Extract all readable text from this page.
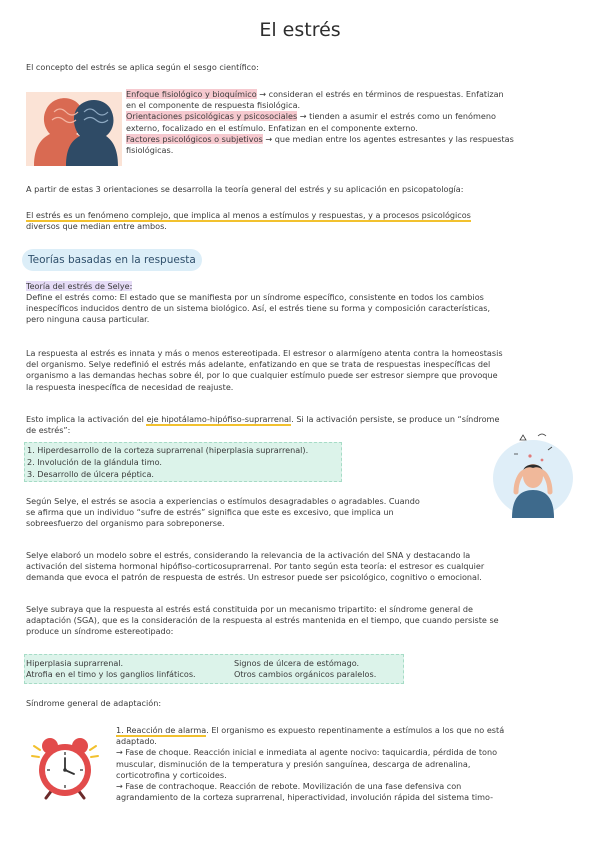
El estrés

El concepto del estrés se aplica según el sesgo científico:

Enfoque fisiológico y bioquímico → consideran el estrés en términos de respuestas. Enfatizan
en el componente de respuesta fisiológica.
Orientaciones psicológicas y psicosociales → tienden a asumir el estrés como un fenómeno
externo, focalizado en el estímulo. Enfatizan en el componente externo.
Factores psicológicos o subjetivos → que median entre los agentes estresantes y las respuestas
fisiológicas.

A partir de estas 3 orientaciones se desarrolla la teoría general del estrés y su aplicación en psicopatología:

El estrés es un fenómeno complejo, que implica al menos a estímulos y respuestas, y a procesos psicológicos
diversos que median entre ambos.

Teorías basadas en la respuesta

Teoría del estrés de Selye:

Define el estrés como: El estado que se manifiesta por un síndrome específico, consistente en todos los cambios
inespecíficos inducidos dentro de un sistema biológico. Así, el estrés tiene su forma y composición características,
pero ninguna causa particular.

La respuesta al estrés es innata y más o menos estereotipada. El estresor o alarmígeno atenta contra la homeostasis
del organismo. Selye redefinió el estrés más adelante, enfatizando en que se trata de respuestas inespecíficas del
organismo a las demandas hechas sobre él, por lo que cualquier estímulo puede ser estresor siempre que provoque
la respuesta inespecífica de necesidad de reajuste.

Esto implica la activación del eje hipotálamo-hipófiso-suprarrenal. Si la activación persiste, se produce un “síndrome
de estrés”:

1. Hiperdesarrollo de la corteza suprarrenal (hiperplasia suprarrenal).
2. Involución de la glándula timo.
3. Desarrollo de úlcera péptica.

Según Selye, el estrés se asocia a experiencias o estímulos desagradables o agradables. Cuando
se afirma que un individuo “sufre de estrés” significa que este es excesivo, que implica un
sobreesfuerzo del organismo para sobreponerse.

Selye elaboró un modelo sobre el estrés, considerando la relevancia de la activación del SNA y destacando la
activación del sistema hormonal hipófiso-corticosuprarrenal. Por tanto según esta teoría: el estresor es cualquier
demanda que evoca el patrón de respuesta de estrés. Un estresor puede ser psicológico, cognitivo o emocional.

Selye subraya que la respuesta al estrés está constituida por un mecanismo tripartito: el síndrome general de
adaptación (SGA), que es la consideración de la respuesta al estrés mantenida en el tiempo, que cuando persiste se
produce un síndrome estereotipado:

Hiperplasia suprarrenal.	Signos de úlcera de estómago.
Atrofia en el timo y los ganglios linfáticos.	Otros cambios orgánicos paralelos.

Síndrome general de adaptación:

1. Reacción de alarma. El organismo es expuesto repentinamente a estímulos a los que no está
adaptado.
→ Fase de choque. Reacción inicial e inmediata al agente nocivo: taquicardia, pérdida de tono
muscular, disminución de la temperatura y presión sanguínea, descarga de adrenalina,
corticotrofina y corticoides.
→ Fase de contrachoque. Reacción de rebote. Movilización de una fase defensiva con
agrandamiento de la corteza suprarrenal, hiperactividad, involución rápida del sistema timo-
